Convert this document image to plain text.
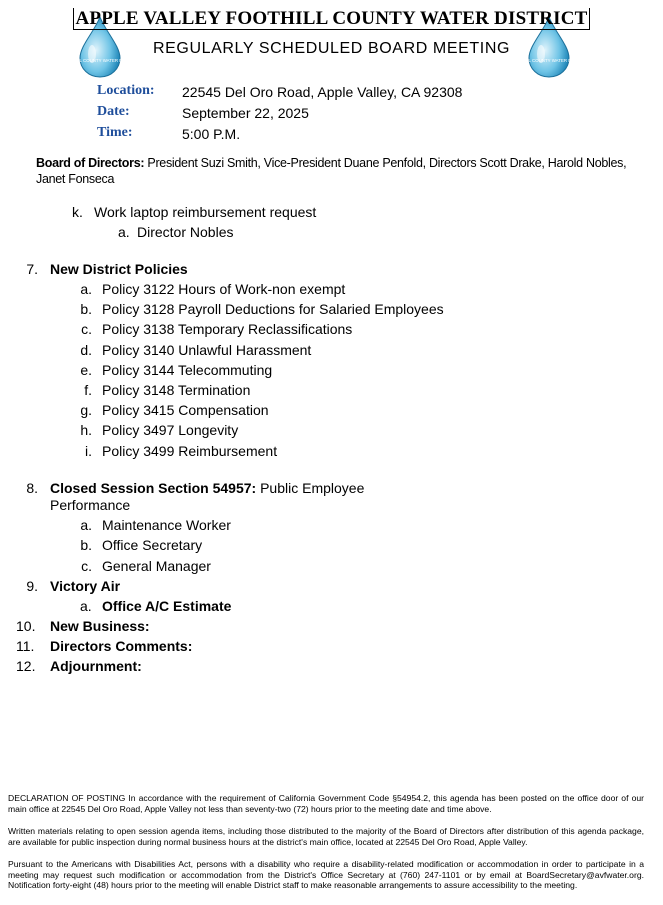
FOOTHILL COUNTY WATER DISTRICT	FOOTHILL COUNTY WATER DISTRICT
APPLE VALLEY FOOTHILL COUNTY WATER DISTRICT
REGULARLY SCHEDULED BOARD MEETING
Location: 22545 Del Oro Road, Apple Valley, CA 92308
Date:	September 22, 2025
Time:	5:00 P.M.
Board of Directors: President Suzi Smith, Vice-President Duane Penfold, Directors Scott Drake, Harold Nobles, Janet Fonseca
k. Work laptop reimbursement request
a. Director Nobles
7. New District Policies
a. Policy 3122 Hours of Work-non exempt
b. Policy 3128 Payroll Deductions for Salaried Employees
c. Policy 3138 Temporary Reclassifications
d. Policy 3140 Unlawful Harassment
e. Policy 3144 Telecommuting
f. Policy 3148 Termination
g. Policy 3415 Compensation
h. Policy 3497 Longevity
i. Policy 3499 Reimbursement
8. Closed Session Section 54957: Public Employee
Performance
a. Maintenance Worker
b. Office Secretary
c. General Manager
9. Victory Air
a. Office A/C Estimate
10. New Business:
11. Directors Comments:
12. Adjournment:
DECLARATION OF POSTING In accordance with the requirement of California Government Code §54954.2, this agenda has been posted on the office door of our main office at 22545 Del Oro Road, Apple Valley not less than seventy-two (72) hours prior to the meeting date and time above.
Written materials relating to open session agenda items, including those distributed to the majority of the Board of Directors after distribution of this agenda package, are available for public inspection during normal business hours at the district's main office, located at 22545 Del Oro Road, Apple Valley.
Pursuant to the Americans with Disabilities Act, persons with a disability who require a disability-related modification or accommodation in order to participate in a meeting may request such modification or accommodation from the District's Office Secretary at (760) 247-1101 or by email at BoardSecretary@avfwater.org. Notification forty-eight (48) hours prior to the meeting will enable District staff to make reasonable arrangements to assure accessibility to the meeting.
